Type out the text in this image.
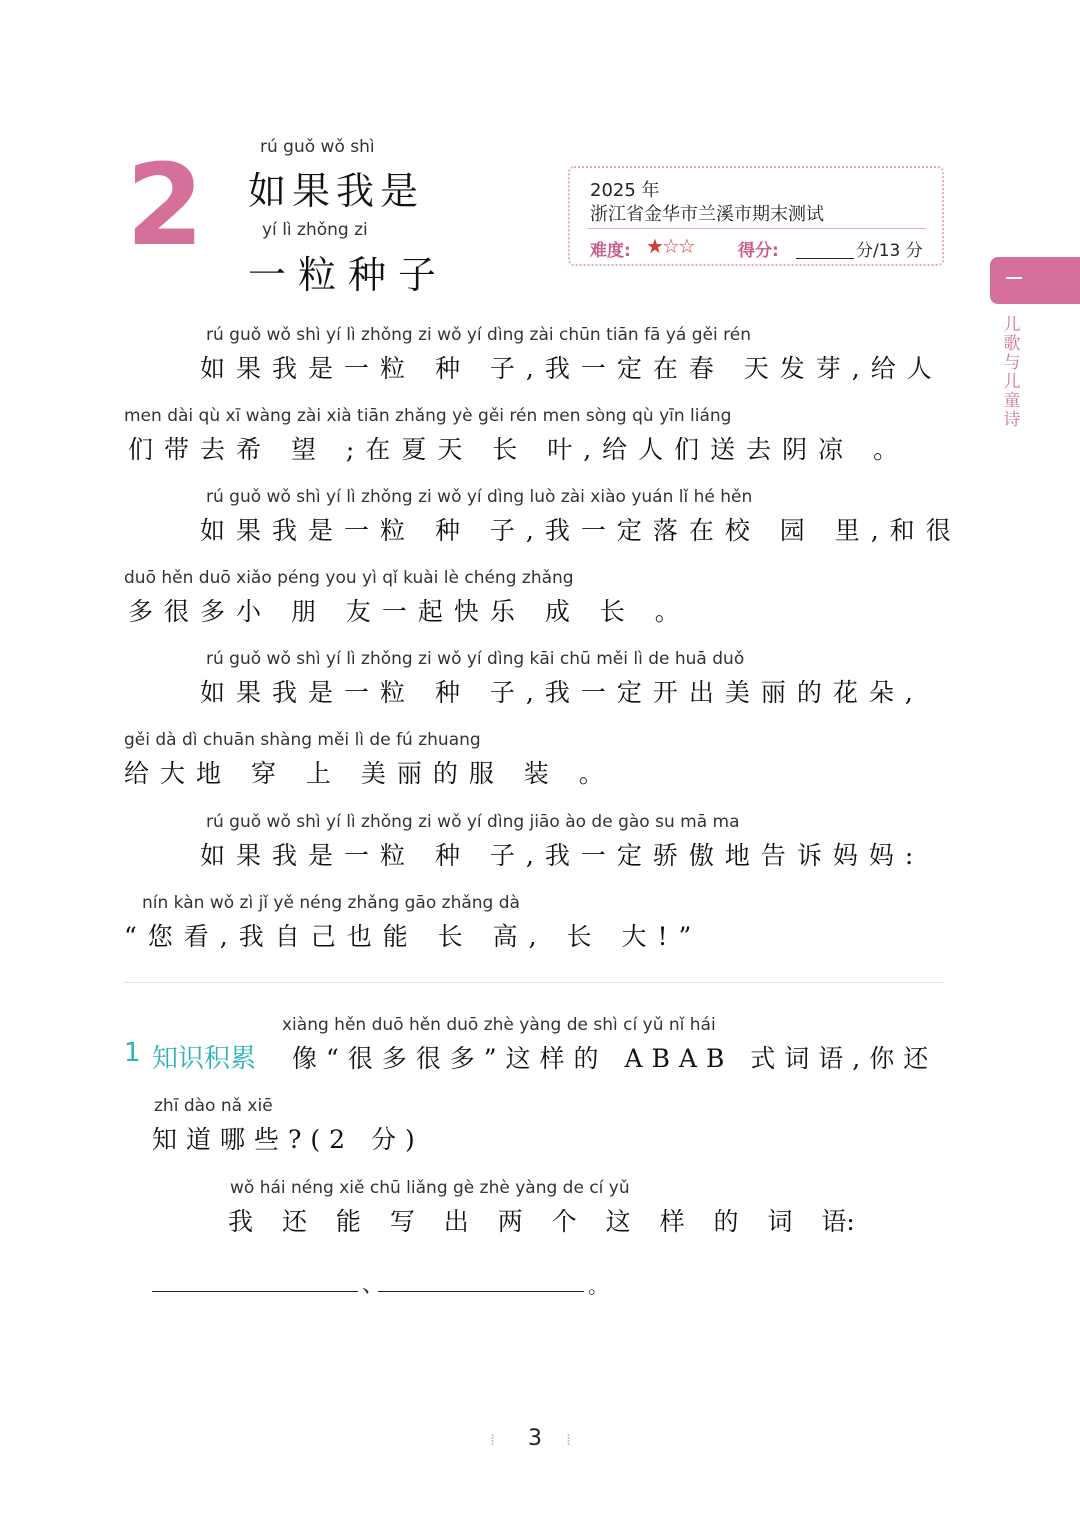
2	rú guǒ wǒ shì
如果我是
yí lì zhǒng zi
一粒种子
2025 年
浙江省金华市兰溪市期末测试
难度: ★☆☆	得分:	分/13 分
儿歌与儿童诗
rú guǒ wǒ shì yí lì zhǒng zi wǒ yí dìng zài chūn tiān fā yá gěi rén
如果我是一粒 种 子,我一定在春 天发芽,给人
men dài qù xī wàng zài xià tiān zhǎng yè gěi rén men sòng qù yīn liáng
们带去希 望 ;在夏天 长 叶,给人们送去阴凉 。
rú guǒ wǒ shì yí lì zhǒng zi wǒ yí dìng luò zài xiào yuán lǐ hé hěn
如果我是一粒 种 子,我一定落在校 园 里,和很
duō hěn duō xiǎo péng you yì qǐ kuài lè chéng zhǎng
多很多小 朋 友一起快乐 成 长 。
rú guǒ wǒ shì yí lì zhǒng zi wǒ yí dìng kāi chū měi lì de huā duǒ
如果我是一粒 种 子,我一定开出美丽的花朵,
gěi dà dì chuān shàng měi lì de fú zhuang
给大地 穿 上 美丽的服 装 。
rú guǒ wǒ shì yí lì zhǒng zi wǒ yí dìng jiāo ào de gào su mā ma
如果我是一粒 种 子,我一定骄傲地告诉妈妈:
nín kàn wǒ zì jǐ yě néng zhǎng gāo zhǎng dà
“您看,我自己也能 长 高, 长 大!”
1 知识积累
xiàng hěn duō hěn duō zhè yàng de shì cí yǔ nǐ hái
像“很多很多”这样的 ABAB 式词语,你还
zhī dào nǎ xiē
知道哪些?(2 分)
wǒ hái néng xiě chū liǎng gè zhè yàng de cí yǔ
我 还 能 写 出 两 个 这 样 的 词 语:
、	。
⁞ 3 ⁞
